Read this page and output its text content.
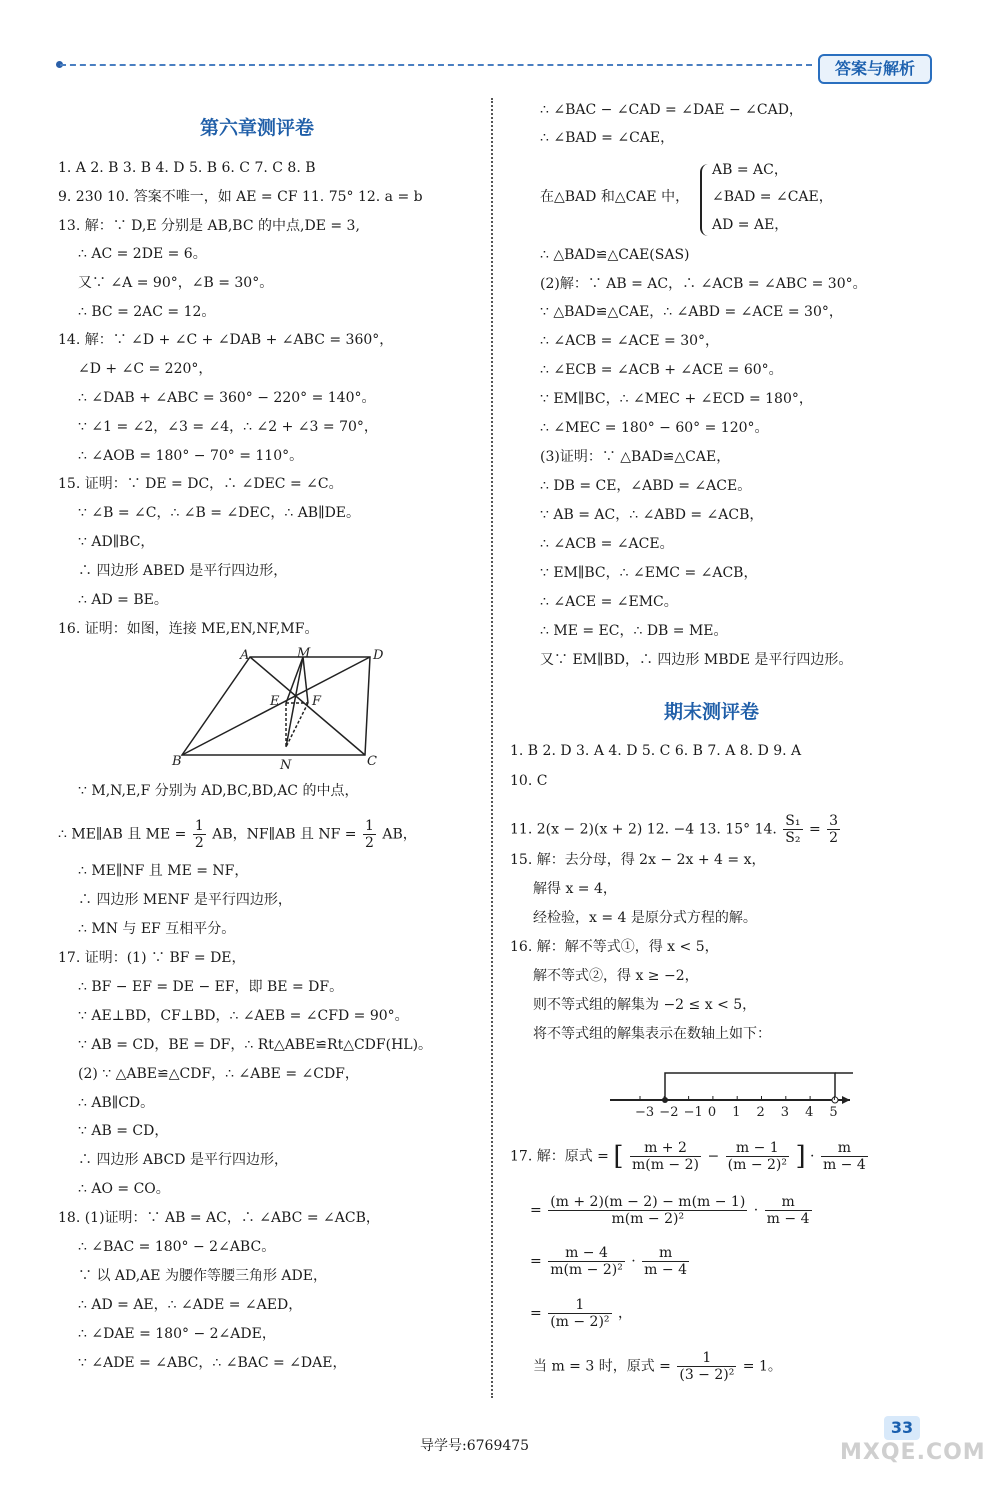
答案与解析
第六章测评卷
1. A 2. B 3. B 4. D 5. B 6. C 7. C 8. B
9. 230 10. 答案不唯一，如 AE = CF 11. 75° 12. a = b
13. 解：∵ D,E 分别是 AB,BC 的中点,DE = 3,
∴ AC = 2DE = 6。
又∵ ∠A = 90°，∠B = 30°。
∴ BC = 2AC = 12。
14. 解：∵ ∠D + ∠C + ∠DAB + ∠ABC = 360°，
∠D + ∠C = 220°，
∴ ∠DAB + ∠ABC = 360° − 220° = 140°。
∵ ∠1 = ∠2，∠3 = ∠4，∴ ∠2 + ∠3 = 70°，
∴ ∠AOB = 180° − 70° = 110°。
15. 证明：∵ DE = DC，∴ ∠DEC = ∠C。
∵ ∠B = ∠C，∴ ∠B = ∠DEC，∴ AB∥DE。
∵ AD∥BC，
∴ 四边形 ABED 是平行四边形，
∴ AD = BE。
16. 证明：如图，连接 ME,EN,NF,MF。
∵ M,N,E,F 分别为 AD,BC,BD,AC 的中点，
∴ ME∥NF 且 ME = NF，
∴ 四边形 MENF 是平行四边形，
∴ MN 与 EF 互相平分。
17. 证明：(1) ∵ BF = DE，
∴ BF − EF = DE − EF，即 BE = DF。
∵ AE⊥BD，CF⊥BD，∴ ∠AEB = ∠CFD = 90°。
∵ AB = CD，BE = DF，∴ Rt△ABE≌Rt△CDF(HL)。
(2) ∵ △ABE≌△CDF，∴ ∠ABE = ∠CDF，
∴ AB∥CD。
∵ AB = CD，
∴ 四边形 ABCD 是平行四边形，
∴ AO = CO。
18. (1)证明：∵ AB = AC，∴ ∠ABC = ∠ACB，
∴ ∠BAC = 180° − 2∠ABC。
∵ 以 AD,AE 为腰作等腰三角形 ADE，
∴ AD = AE，∴ ∠ADE = ∠AED，
∴ ∠DAE = 180° − 2∠ADE，
∵ ∠ADE = ∠ABC，∴ ∠BAC = ∠DAE，
∴ ME∥AB 且 ME = $\frac{1}{2}$ AB，NF∥AB 且 NF = $\frac{1}{2}$ AB，
A	M	D
E	F
B	N	C
∴ ∠BAC − ∠CAD = ∠DAE − ∠CAD，
∴ ∠BAD = ∠CAE，
在△BAD 和△CAE 中，
AB = AC，
∠BAD = ∠CAE，
AD = AE，
∴ △BAD≌△CAE(SAS)
(2)解：∵ AB = AC，∴ ∠ACB = ∠ABC = 30°。
∵ △BAD≌△CAE，∴ ∠ABD = ∠ACE = 30°，
∴ ∠ACB = ∠ACE = 30°，
∴ ∠ECB = ∠ACB + ∠ACE = 60°。
∵ EM∥BC，∴ ∠MEC + ∠ECD = 180°，
∴ ∠MEC = 180° − 60° = 120°。
(3)证明：∵ △BAD≌△CAE，
∴ DB = CE，∠ABD = ∠ACE。
∵ AB = AC，∴ ∠ABD = ∠ACB，
∴ ∠ACB = ∠ACE。
∵ EM∥BC，∴ ∠EMC = ∠ACB，
∴ ∠ACE = ∠EMC。
∴ ME = EC，∴ DB = ME。
又∵ EM∥BD，∴ 四边形 MBDE 是平行四边形。
期末测评卷
1. B 2. D 3. A 4. D 5. C 6. B 7. A 8. D 9. A
10. C
11. 2(x − 2)(x + 2) 12. −4 13. 15° 14. $\frac{\text{S₁}}{\text{S₂}} = \frac{3}{2}$
15. 解：去分母，得 2x − 2x + 4 = x，
解得 x = 4，
经检验，x = 4 是原分式方程的解。
16. 解：解不等式①，得 x < 5，
解不等式②，得 x ≥ −2，
则不等式组的解集为 −2 ≤ x < 5，
将不等式组的解集表示在数轴上如下：
−3 −2 −1 0 1 2 3 4 5
17. 解：原式 = [ $\frac{m + 2}{m(m - 2)} - \frac{m - 1}{\text{(m − 2)²}}$ ] · $\frac{m}{m - 4}$
= $\frac{(m + 2)(m - 2) - m(m - 1)}{\text{m(m − 2)²}} \cdot \frac{m}{m - 4}$
= $\frac{m - 4}{\text{m(m − 2)²}} \cdot \frac{m}{m - 4}$
= $\frac{1}{\text{(m − 2)²}}$ ，
当 m = 3 时，原式 = $\frac{1}{\text{(3 − 2)²}} = 1$。
导学号:6769475
33
MXQE.COM
